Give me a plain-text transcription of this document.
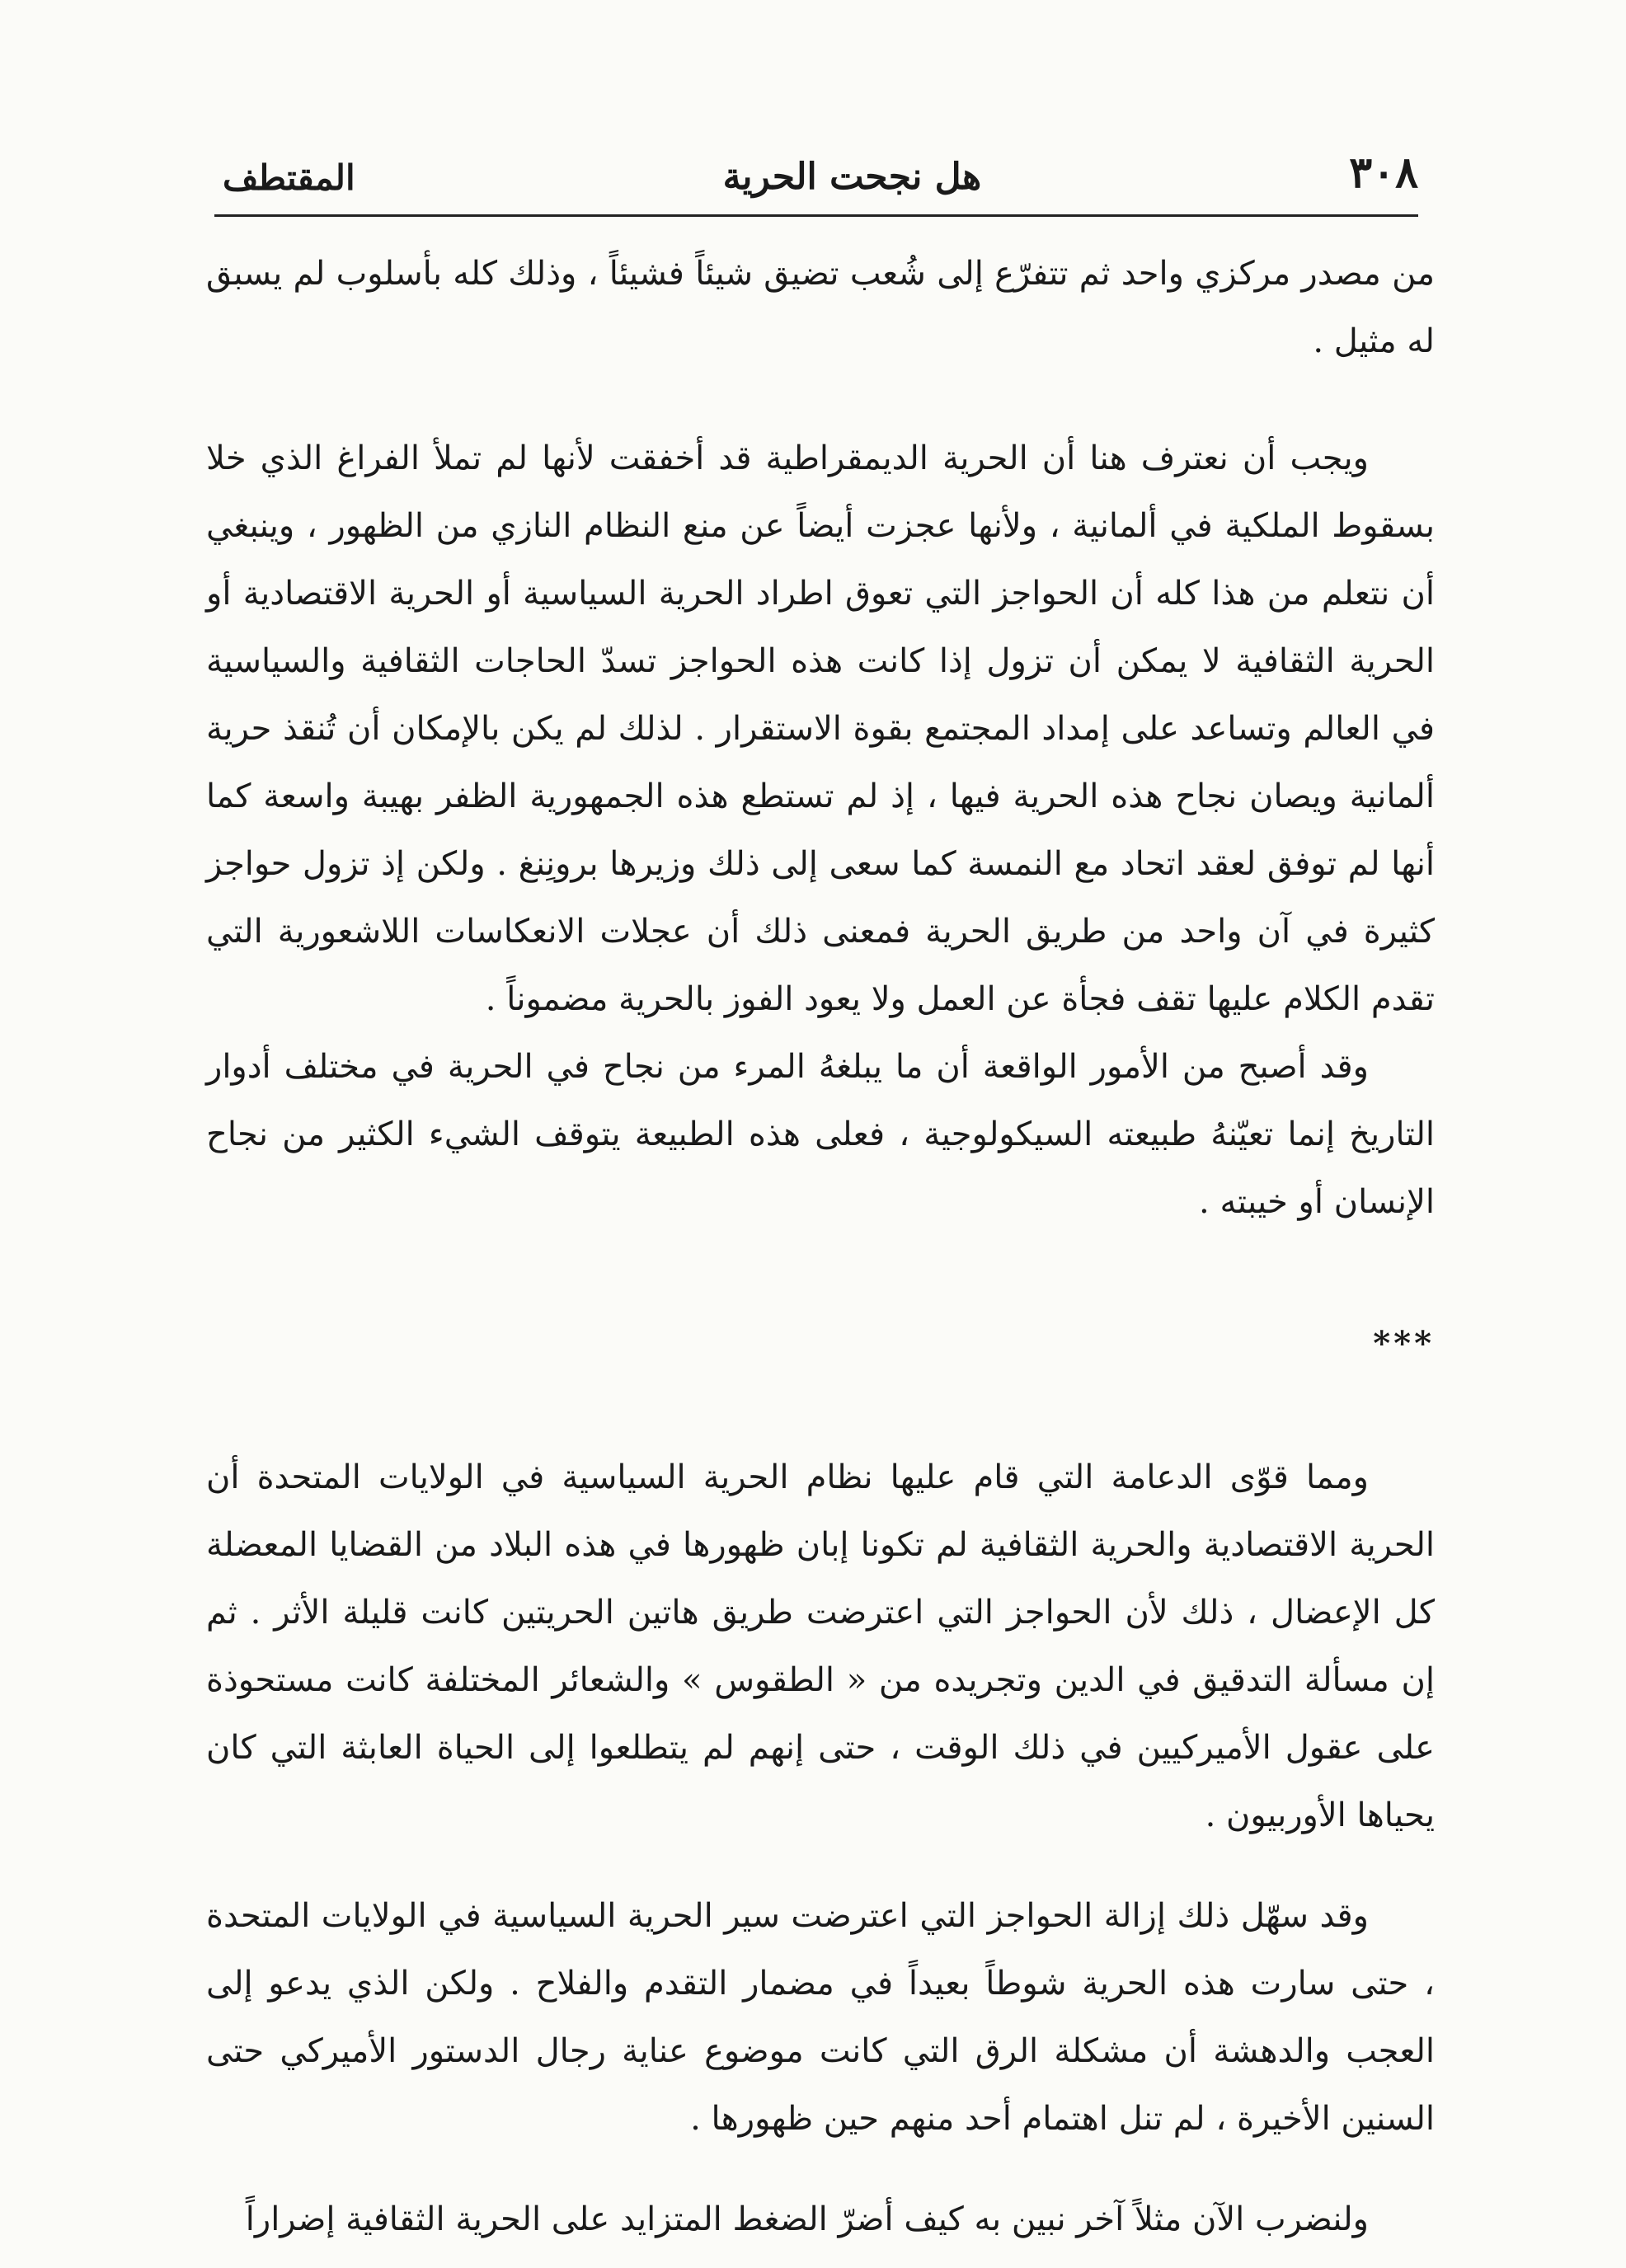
٣٠٨
هل نجحت الحرية
المقتطف

من مصدر مركزي واحد ثم تتفرّع إلى شُعب تضيق شيئاً فشيئاً ، وذلك كله بأسلوب لم يسبق له مثيل .

ويجب أن نعترف هنا أن الحرية الديمقراطية قد أخفقت لأنها لم تملأ الفراغ الذي خلا بسقوط الملكية في ألمانية ، ولأنها عجزت أيضاً عن منع النظام النازي من الظهور ، وينبغي أن نتعلم من هذا كله أن الحواجز التي تعوق اطراد الحرية السياسية أو الحرية الاقتصادية أو الحرية الثقافية لا يمكن أن تزول إذا كانت هذه الحواجز تسدّ الحاجات الثقافية والسياسية في العالم وتساعد على إمداد المجتمع بقوة الاستقرار . لذلك لم يكن بالإمكان أن تُنقذ حرية ألمانية ويصان نجاح هذه الحرية فيها ، إذ لم تستطع هذه الجمهورية الظفر بهيبة واسعة كما أنها لم توفق لعقد اتحاد مع النمسة كما سعى إلى ذلك وزيرها برونِنغ . ولكن إذ تزول حواجز كثيرة في آن واحد من طريق الحرية فمعنى ذلك أن عجلات الانعكاسات اللاشعورية التي تقدم الكلام عليها تقف فجأة عن العمل ولا يعود الفوز بالحرية مضموناً .

وقد أصبح من الأمور الواقعة أن ما يبلغهُ المرء من نجاح في الحرية في مختلف أدوار التاريخ إنما تعيّنهُ طبيعته السيكولوجية ، فعلى هذه الطبيعة يتوقف الشيء الكثير من نجاح الإنسان أو خيبته .

***

ومما قوّى الدعامة التي قام عليها نظام الحرية السياسية في الولايات المتحدة أن الحرية الاقتصادية والحرية الثقافية لم تكونا إبان ظهورها في هذه البلاد من القضايا المعضلة كل الإعضال ، ذلك لأن الحواجز التي اعترضت طريق هاتين الحريتين كانت قليلة الأثر . ثم إن مسألة التدقيق في الدين وتجريده من « الطقوس » والشعائر المختلفة كانت مستحوذة على عقول الأميركيين في ذلك الوقت ، حتى إنهم لم يتطلعوا إلى الحياة العابثة التي كان يحياها الأوربيون .

وقد سهّل ذلك إزالة الحواجز التي اعترضت سير الحرية السياسية في الولايات المتحدة ، حتى سارت هذه الحرية شوطاً بعيداً في مضمار التقدم والفلاح . ولكن الذي يدعو إلى العجب والدهشة أن مشكلة الرق التي كانت موضوع عناية رجال الدستور الأميركي حتى السنين الأخيرة ، لم تنل اهتمام أحد منهم حين ظهورها .

ولنضرب الآن مثلاً آخر نبين به كيف أضرّ الضغط المتزايد على الحرية الثقافية إضراراً
